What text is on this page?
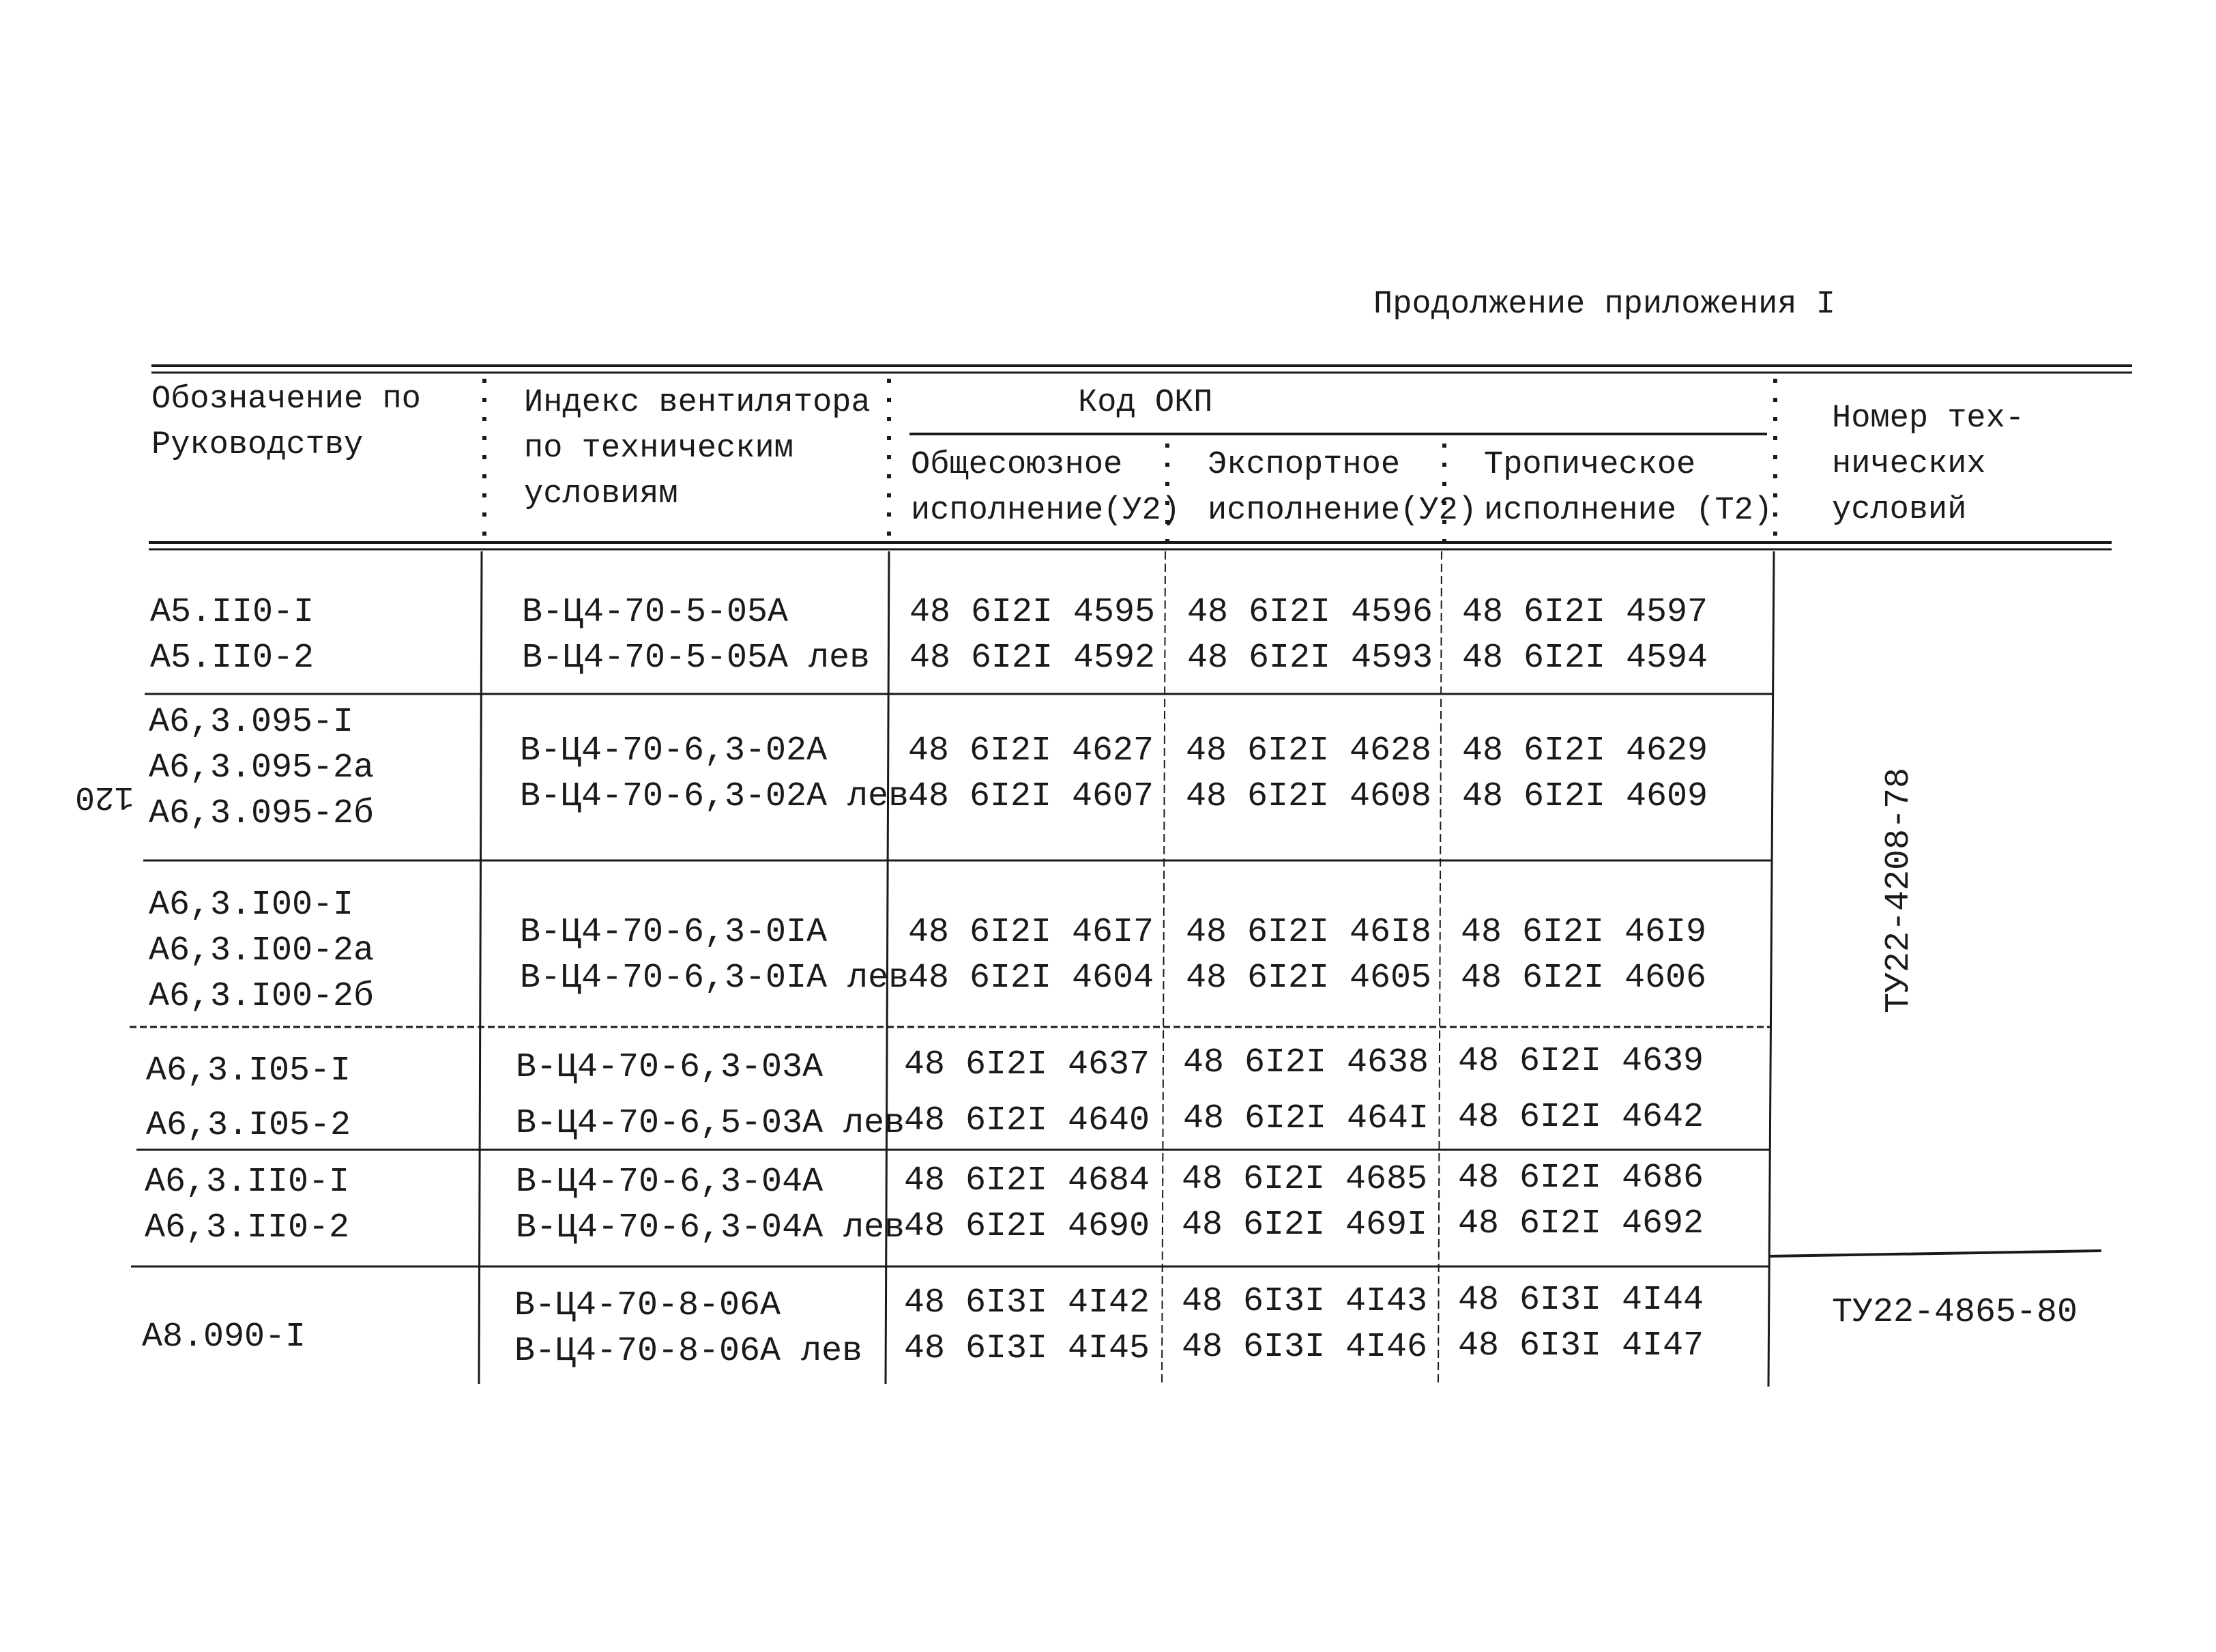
Продолжение приложения I
120
Обозначение по
Руководству
Индекс вентилятора
по техническим
условиям
Код ОКП
Общесоюзное
исполнение(У2)
Экспортное
исполнение(У2)
Тропическое
исполнение (Т2)
Номер тех-
нических
условий
А5.II0-I
А5.II0-2
В-Ц4-70-5-05А
В-Ц4-70-5-05А лев
48 6I2I 4595
48 6I2I 4592
48 6I2I 4596
48 6I2I 4593
48 6I2I 4597
48 6I2I 4594
А6,3.095-I
А6,3.095-2а
А6,3.095-2б
В-Ц4-70-6,3-02А
В-Ц4-70-6,3-02А лев
48 6I2I 4627
48 6I2I 4607
48 6I2I 4628
48 6I2I 4608
48 6I2I 4629
48 6I2I 4609
А6,3.I00-I
А6,3.I00-2а
А6,3.I00-2б
В-Ц4-70-6,3-0IА
В-Ц4-70-6,3-0IА лев
48 6I2I 46I7
48 6I2I 4604
48 6I2I 46I8
48 6I2I 4605
48 6I2I 46I9
48 6I2I 4606
А6,3.I05-I
А6,3.I05-2
В-Ц4-70-6,3-03А
В-Ц4-70-6,5-03А лев
48 6I2I 4637
48 6I2I 4640
48 6I2I 4638
48 6I2I 464I
48 6I2I 4639
48 6I2I 4642
А6,3.II0-I
А6,3.II0-2
В-Ц4-70-6,3-04А
В-Ц4-70-6,3-04А лев
48 6I2I 4684
48 6I2I 4690
48 6I2I 4685
48 6I2I 469I
48 6I2I 4686
48 6I2I 4692
А8.090-I
В-Ц4-70-8-06А
В-Ц4-70-8-06А лев
48 6I3I 4I42
48 6I3I 4I45
48 6I3I 4I43
48 6I3I 4I46
48 6I3I 4I44
48 6I3I 4I47
ТУ22-4208-78
ТУ22-4865-80
